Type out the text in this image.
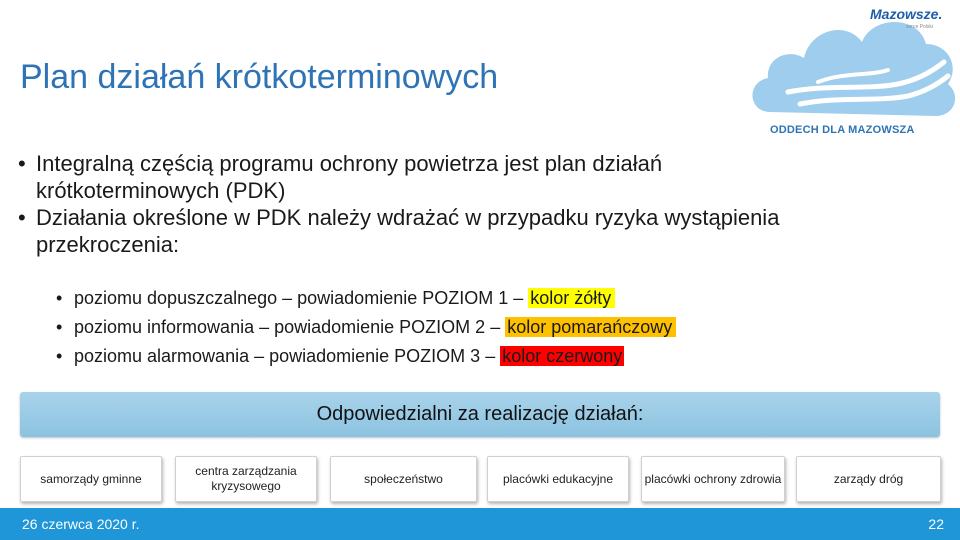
Plan działań krótkoterminowych
Mazowsze.
serce Polski
ODDECH DLA MAZOWSZA

• Integralną częścią programu ochrony powietrza jest plan działań krótkoterminowych (PDK)

• Działania określone w PDK należy wdrażać w przypadku ryzyka wystąpienia przekroczenia:

• poziomu dopuszczalnego – powiadomienie POZIOM 1 – kolor żółty
• poziomu informowania – powiadomienie POZIOM 2 – kolor pomarańczowy
• poziomu alarmowania – powiadomienie POZIOM 3 – kolor czerwony
Odpowiedzialni za realizację działań:
samorządy gminne
centra zarządzania kryzysowego
społeczeństwo	placówki edukacyjne	placówki ochrony zdrowia	zarządy dróg
26 czerwca 2020 r.	22
